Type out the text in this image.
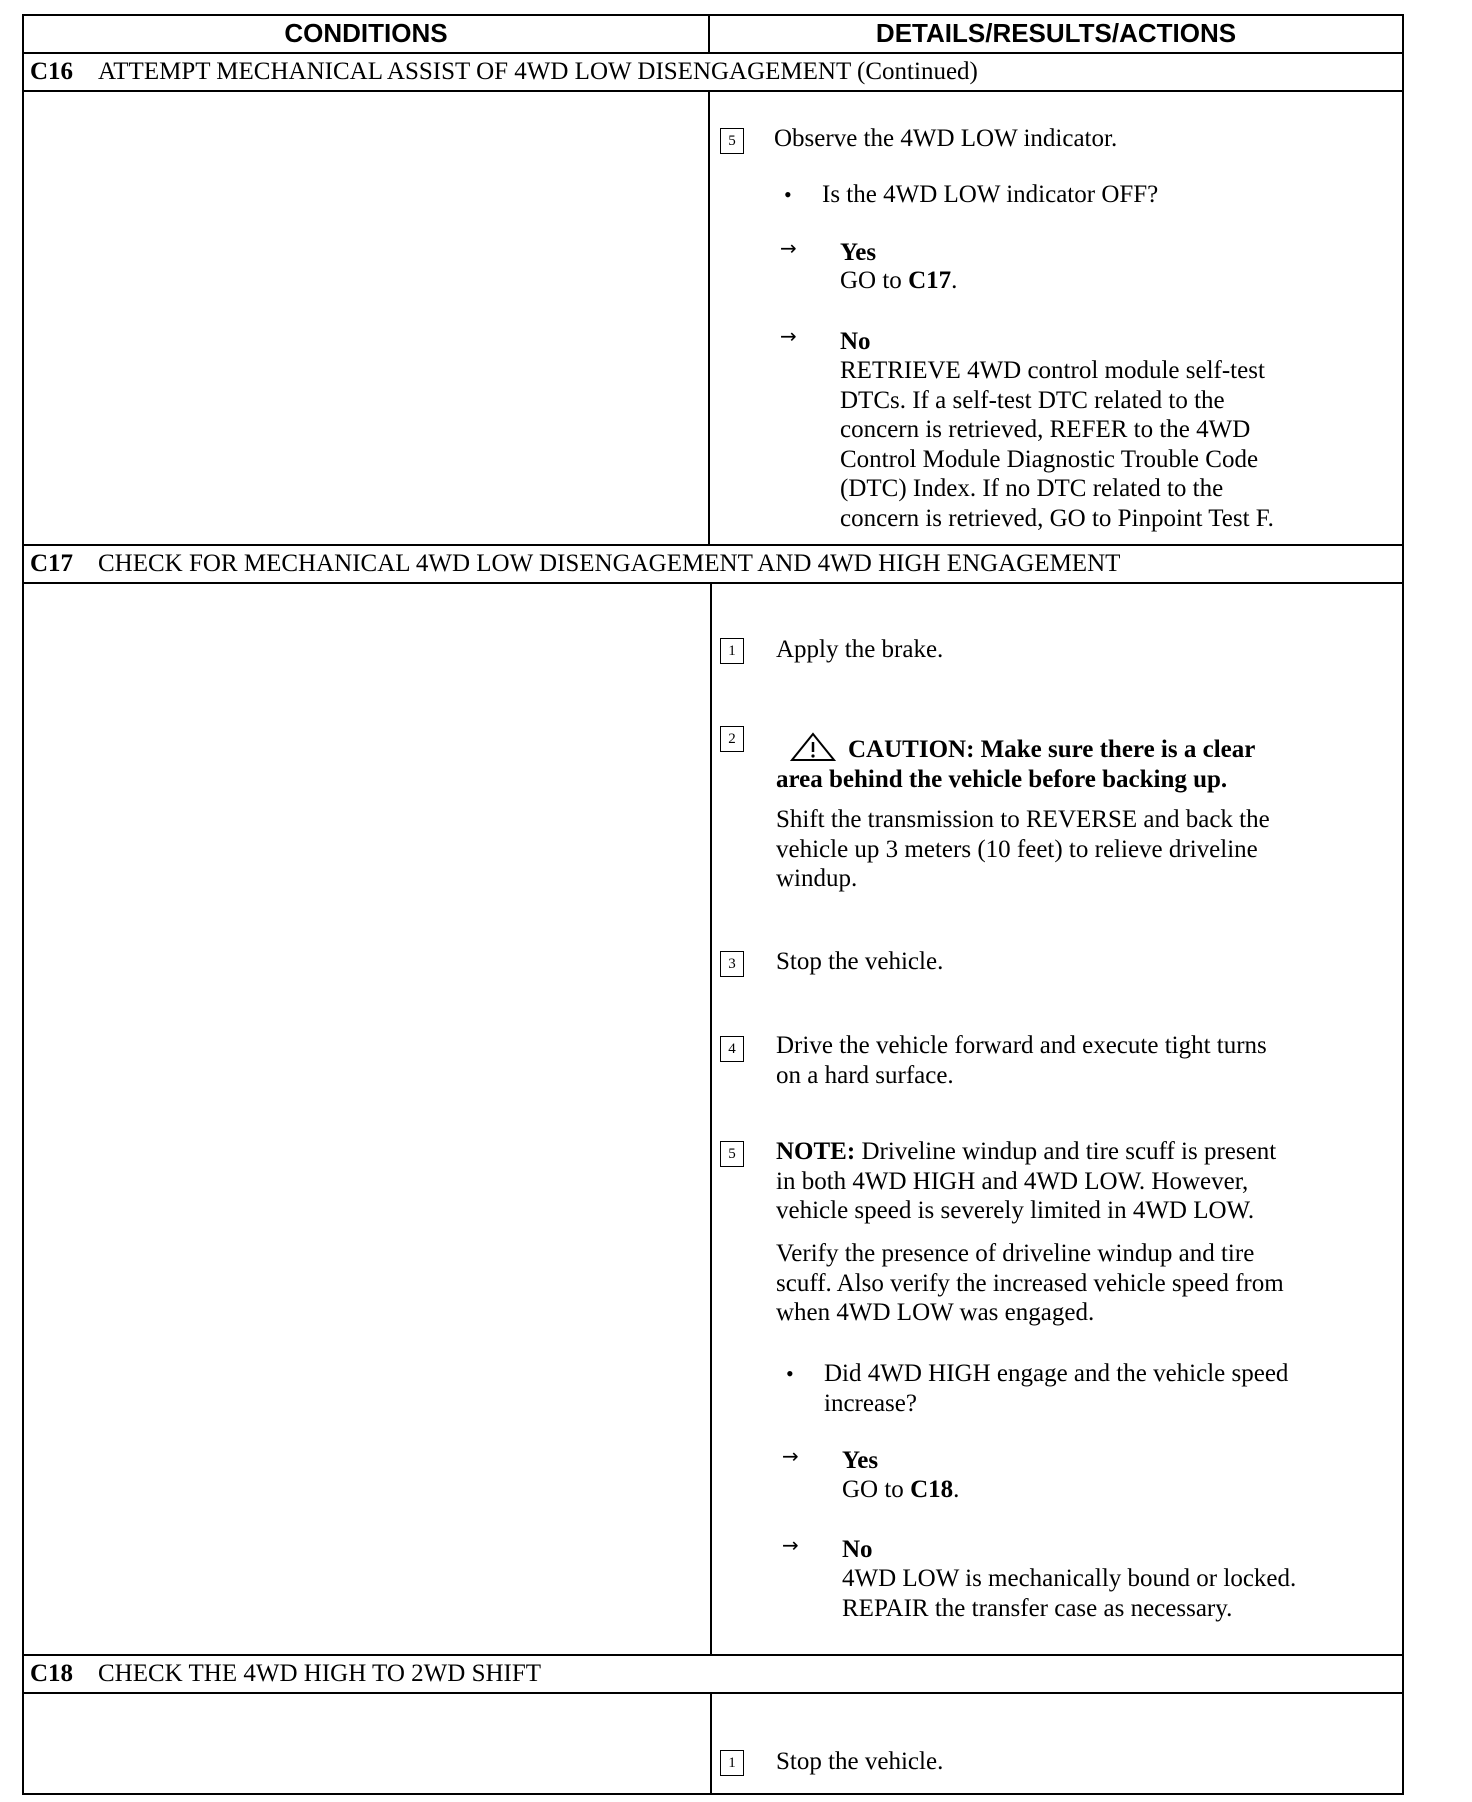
CONDITIONS	DETAILS/RESULTS/ACTIONS
C16 ATTEMPT MECHANICAL ASSIST OF 4WD LOW DISENGAGEMENT (Continued)
5	Observe the 4WD LOW indicator.
• Is the 4WD LOW indicator OFF?
→ Yes
GO to C17.
→ No
RETRIEVE 4WD control module self-test
DTCs. If a self-test DTC related to the
concern is retrieved, REFER to the 4WD
Control Module Diagnostic Trouble Code
(DTC) Index. If no DTC related to the
concern is retrieved, GO to Pinpoint Test F.
C17 CHECK FOR MECHANICAL 4WD LOW DISENGAGEMENT AND 4WD HIGH ENGAGEMENT
1	Apply the brake.
2	CAUTION: Make sure there is a clear
area behind the vehicle before backing up.
Shift the transmission to REVERSE and back the
vehicle up 3 meters (10 feet) to relieve driveline
windup.
3	Stop the vehicle.
4	Drive the vehicle forward and execute tight turns
on a hard surface.
5	NOTE: Driveline windup and tire scuff is present
in both 4WD HIGH and 4WD LOW. However,
vehicle speed is severely limited in 4WD LOW.
Verify the presence of driveline windup and tire
scuff. Also verify the increased vehicle speed from
when 4WD LOW was engaged.
• Did 4WD HIGH engage and the vehicle speed
increase?
→ Yes
GO to C18.
→ No
4WD LOW is mechanically bound or locked.
REPAIR the transfer case as necessary.
C18 CHECK THE 4WD HIGH TO 2WD SHIFT
1	Stop the vehicle.
